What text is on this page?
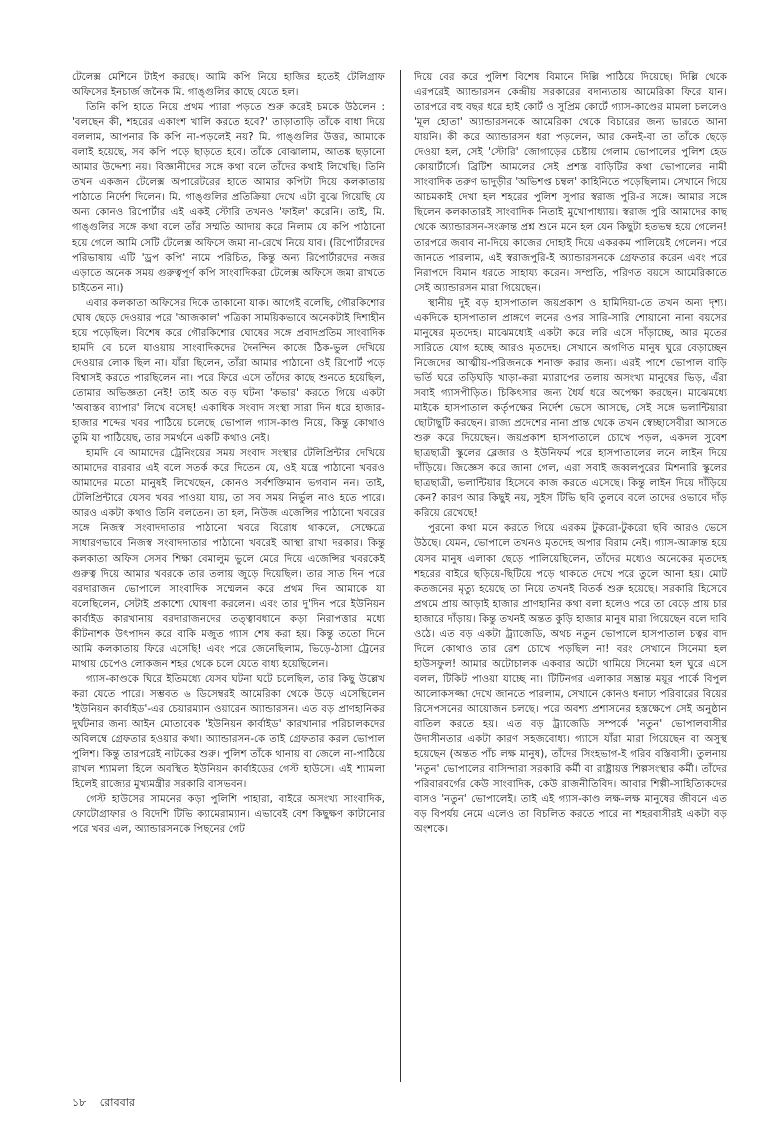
টেলেক্স মেশিনে টাইপ করছে। আমি কপি নিয়ে হাজির হতেই টেলিগ্রাফ অফিসের ইনচার্জ জনৈক মি. গাঙ্গুলির কাছে যেতে হল।

তিনি কপি হাতে নিয়ে প্রথম প্যারা পড়তে শুরু করেই চমকে উঠলেন : 'বলছেন কী, শহরের একাংশ খালি করতে হবে?' তাড়াতাড়ি তাঁকে বাধা দিয়ে বললাম, আপনার কি কপি না-পড়লেই নয়? মি. গাঙ্গুলির উত্তর, আমাকে বলাই হয়েছে, সব কপি পড়ে ছাড়তে হবে। তাঁকে বোঝালাম, আতঙ্ক ছড়ানো আমার উদ্দেশ্য নয়। বিজ্ঞানীদের সঙ্গে কথা বলে তাঁদের কথাই লিখেছি। তিনি তখন একজন টেলেক্স অপারেটরের হাতে আমার কপিটা দিয়ে কলকাতায় পাঠাতে নির্দেশ দিলেন। মি. গাঙ্গুলির প্রতিক্রিয়া দেখে এটা বুঝে গিয়েছি যে অন্য কোনও রিপোর্টার এই একই স্টোরি তখনও 'ফাইল' করেনি। তাই, মি. গাঙ্গুলির সঙ্গে কথা বলে তাঁর সম্মতি আদায় করে নিলাম যে কপি পাঠানো হয়ে গেলে আমি সেটি টেলেক্স অফিসে জমা না-রেখে নিয়ে যাব। (রিপোর্টারদের পরিভাষায় এটি 'ড্রপ কপি' নামে পরিচিত, কিন্তু অন্য রিপোর্টারদের নজর এড়াতে অনেক সময় গুরুত্বপূর্ণ কপি সাংবাদিকরা টেলেক্স অফিসে জমা রাখতে চাইতেন না।)

এবার কলকাতা অফিসের দিকে তাকানো যাক। আগেই বলেছি, গৌরকিশোর ঘোষ ছেড়ে দেওয়ার পরে 'আজকাল' পত্রিকা সাময়িকভাবে অনেকটাই দিশাহীন হয়ে পড়েছিল। বিশেষ করে গৌরকিশোর ঘোষের সঙ্গে প্রবাদপ্রতিম সাংবাদিক হামদি বে চলে যাওয়ায় সাংবাদিকদের দৈনন্দিন কাজে ঠিক-ভুল দেখিয়ে দেওয়ার লোক ছিল না। যাঁরা ছিলেন, তাঁরা আমার পাঠানো ওই রিপোর্ট পড়ে বিশ্বাসই করতে পারছিলেন না। পরে ফিরে এসে তাঁদের কাছে শুনতে হয়েছিল, তোমার অভিজ্ঞতা নেই! তাই অত বড় ঘটনা 'কভার' করতে গিয়ে একটা 'অবাস্তব ব্যাপার' লিখে বসেছ! একাধিক সংবাদ সংস্থা সারা দিন ধরে হাজার-হাজার শব্দের খবর পাঠিয়ে চলেছে ভোপাল গ্যাস-কাণ্ড নিয়ে, কিন্তু কোথাও তুমি যা পাঠিয়েছ, তার সমর্থনে একটি কথাও নেই।

হামদি বে আমাদের ট্রেনিংয়ের সময় সংবাদ সংস্থার টেলিপ্রিন্টার দেখিয়ে আমাদের বারবার এই বলে সতর্ক করে দিতেন যে, ওই যন্ত্রে পাঠানো খবরও আমাদের মতো মানুষই লিখেছেন, কোনও সর্বশক্তিমান ভগবান নন। তাই, টেলিপ্রিন্টারে যেসব খবর পাওয়া যায়, তা সব সময় নির্ভুল নাও হতে পারে। আরও একটা কথাও তিনি বলতেন। তা হল, নিউজ এজেন্সির পাঠানো খবরের সঙ্গে নিজস্ব সংবাদদাতার পাঠানো খবরে বিরোধ থাকলে, সেক্ষেত্রে সাধারণভাবে নিজস্ব সংবাদদাতার পাঠানো খবরেই আস্থা রাখা দরকার। কিন্তু কলকাতা অফিস সেসব শিক্ষা বেমালুম ভুলে মেরে দিয়ে এজেন্সির খবরকেই গুরুত্ব দিয়ে আমার খবরকে তার তলায় জুড়ে দিয়েছিল। তার সাত দিন পরে বরদারাজন ভোপালে সাংবাদিক সম্মেলন করে প্রথম দিন আমাকে যা বলেছিলেন, সেটাই প্রকাশ্যে ঘোষণা করলেন। এবং তার দু'দিন পরে ইউনিয়ন কার্বাইড কারখানায় বরদারাজনদের তত্ত্বাবধানে কড়া নিরাপত্তার মধ্যে কীটনাশক উৎপাদন করে বাকি মজুত গ্যাস শেষ করা হয়। কিন্তু ততো দিনে আমি কলকাতায় ফিরে এসেছি! এবং পরে জেনেছিলাম, ভিড়ে-ঠাসা ট্রেনের মাথায় চেপেও লোকজন শহর থেকে চলে যেতে বাধ্য হয়েছিলেন।

গ্যাস-কাণ্ডকে ঘিরে ইতিমধ্যে যেসব ঘটনা ঘটে চলেছিল, তার কিছু উল্লেখ করা যেতে পারে। সম্ভবত ৬ ডিসেম্বরই আমেরিকা থেকে উড়ে এসেছিলেন 'ইউনিয়ন কার্বাইড'-এর চেয়ারম্যান ওয়ারেন অ্যান্ডারসন। এত বড় প্রাণহানিকর দুর্ঘটনার জন্য আইন মোতাবেক 'ইউনিয়ন কার্বাইড' কারখানার পরিচালকদের অবিলম্বে গ্রেফতার হওয়ার কথা। অ্যান্ডারসন-কে তাই গ্রেফতার করল ভোপাল পুলিশ। কিন্তু তারপরেই নাটকের শুরু। পুলিশ তাঁকে থানায় বা জেলে না-পাঠিয়ে রাখল শ্যামলা হিলে অবস্থিত ইউনিয়ন কার্বাইডের গেস্ট হাউসে। এই শ্যামলা হিলেই রাজ্যের মুখ্যমন্ত্রীর সরকারি বাসভবন।

গেস্ট হাউসের সামনের কড়া পুলিশি পাহারা, বাইরে অসংখ্য সাংবাদিক, ফোটোগ্রাফার ও বিদেশি টিভি ক্যামেরাম্যান। এভাবেই বেশ কিছুক্ষণ কাটানোর পরে খবর এল, অ্যান্ডারসনকে পিছনের গেট

দিয়ে বের করে পুলিশ বিশেষ বিমানে দিল্লি পাঠিয়ে দিয়েছে। দিল্লি থেকে এরপরেই অ্যান্ডারসন কেন্দ্রীয় সরকারের বদান্যতায় আমেরিকা ফিরে যান। তারপরে বহু বছর ধরে হাই কোর্ট ও সুপ্রিম কোর্টে গ্যাস-কাণ্ডের মামলা চললেও 'মূল হোতা' অ্যান্ডারসনকে আমেরিকা থেকে বিচারের জন্য ভারতে আনা যায়নি। কী করে অ্যান্ডারসন ধরা পড়লেন, আর কেনই-বা তা তাঁকে ছেড়ে দেওয়া হল, সেই 'স্টোরি' জোগাড়ের চেষ্টায় গেলাম ভোপালের পুলিশ হেড কোয়ার্টার্সে। ব্রিটিশ আমলের সেই প্রশস্ত বাড়িটির কথা ভোপালের নামী সাংবাদিক তরুণ ভাদুড়ীর 'অভিশপ্ত চম্বল' কাহিনিতে পড়েছিলাম। সেখানে গিয়ে আচমকাই দেখা হল শহরের পুলিশ সুপার স্বরাজ পুরি-র সঙ্গে। আমার সঙ্গে ছিলেন কলকাতারই সাংবাদিক নিতাই মুখোপাধ্যায়। স্বরাজ পুরি আমাদের কাছ থেকে অ্যান্ডারসন-সংক্রান্ত প্রশ্ন শুনে মনে হল যেন কিছুটা হতভম্ব হয়ে গেলেন! তারপরে জবাব না-দিয়ে কাজের দোহাই দিয়ে একরকম পালিয়েই গেলেন। পরে জানতে পারলাম, এই স্বরাজপুরি-ই অ্যান্ডারসনকে গ্রেফতার করেন এবং পরে নিরাপদে বিমান ধরতে সাহায্য করেন। সম্প্রতি, পরিণত বয়সে আমেরিকাতে সেই অ্যান্ডারসন মারা গিয়েছেন।

স্থানীয় দুই বড় হাসপাতাল জয়প্রকাশ ও হামিদিয়া-তে তখন অন্য দৃশ্য। একদিকে হাসপাতাল প্রাঙ্গণে লনের ওপর সারি-সারি শোয়ানো নানা বয়সের মানুষের মৃতদেহ। মাঝেমধ্যেই একটা করে লরি এসে দাঁড়াচ্ছে, আর মৃতের সারিতে যোগ হচ্ছে আরও মৃতদেহ। সেখানে অগণিত মানুষ ঘুরে বেড়াচ্ছেন নিজেদের আত্মীয়-পরিজনকে শনাক্ত করার জন্য। এরই পাশে ভোপাল বাড়ি ভর্তি ঘরে তড়িঘড়ি খাড়া-করা ম্যারাপের তলায় অসংখ্য মানুষের ভিড়, এঁরা সবাই গ্যাসপীড়িত। চিকিৎসার জন্য ধৈর্য ধরে অপেক্ষা করছেন। মাঝেমধ্যে মাইকে হাসপাতাল কর্তৃপক্ষের নির্দেশ ভেসে আসছে, সেই সঙ্গে ভলান্টিয়ারা ছোটাছুটি করছেন। রাজ্য প্রদেশের নানা প্রান্ত থেকে তখন স্বেচ্ছাসেবীরা আসতে শুরু করে দিয়েছেন। জয়প্রকাশ হাসপাতালে চোখে পড়ল, একদল সুবেশ ছাত্রছাত্রী স্কুলের ব্লেজার ও ইউনিফর্ম পরে হাসপাতালের লনে লাইন দিয়ে দাঁড়িয়ে। জিজ্ঞেস করে জানা গেল, এরা সবাই জব্বলপুরের মিশনারি স্কুলের ছাত্রছাত্রী, ভলান্টিয়ার হিসেবে কাজ করতে এসেছে। কিন্তু লাইন দিয়ে দাঁড়িয়ে কেন? কারণ আর কিছুই নয়, সুইস টিভি ছবি তুলবে বলে তাদের ওভাবে দাঁড় করিয়ে রেখেছে!

পুরনো কথা মনে করতে গিয়ে এরকম টুকরো-টুকরো ছবি আরও ভেসে উঠছে। যেমন, ভোপালে তখনও মৃতদেহ অপার বিরাম নেই। গ্যাস-আক্রান্ত হয়ে যেসব মানুষ এলাকা ছেড়ে পালিয়েছিলেন, তাঁদের মধ্যেও অনেকের মৃতদেহ শহরের বাইরে ছড়িয়ে-ছিটিয়ে পড়ে থাকতে দেখে পরে তুলে আনা হয়। মোট কতজনের মৃত্যু হয়েছে তা নিয়ে তখনই বিতর্ক শুরু হয়েছে। সরকারি হিসেবে প্রথমে প্রায় আড়াই হাজার প্রাণহানির কথা বলা হলেও পরে তা বেড়ে প্রায় চার হাজারে দাঁড়ায়। কিন্তু তখনই অন্তত কুড়ি হাজার মানুষ মারা গিয়েছেন বলে দাবি ওঠে। এত বড় একটা ট্র্যাজেডি, অথচ নতুন ভোপালে হাসপাতাল চত্বর বাদ দিলে কোথাও তার রেশ চোখে পড়ছিল না! বরং সেখানে সিনেমা হল হাউসফুল! আমার অটোচালক একবার অটো থামিয়ে সিনেমা হল ঘুরে এসে বলল, টিকিট পাওয়া যাচ্ছে না। টিটিনগর এলাকার সম্ভ্রান্ত ময়ূর পার্কে বিপুল আলোকসজ্জা দেখে জানতে পারলাম, সেখানে কোনও ধনাঢ্য পরিবারের বিয়ের রিসেপসনের আয়োজন চলছে। পরে অবশ্য প্রশাসনের হস্তক্ষেপে সেই অনুষ্ঠান বাতিল করতে হয়। এত বড় ট্র্যাজেডি সম্পর্কে 'নতুন' ভোপালবাসীর উদাসীনতার একটা কারণ সহজবোধ্য। গ্যাসে যাঁরা মারা গিয়েছেন বা অসুস্থ হয়েছেন (অন্তত পাঁচ লক্ষ মানুষ), তাঁদের সিংহভাগ-ই গরিব বস্তিবাসী। তুলনায় 'নতুন' ভোপালের বাসিন্দারা সরকারি কর্মী বা রাষ্ট্রায়ত্ত শিল্পসংস্থার কর্মী। তাঁদের পরিবারবর্গের কেউ সাংবাদিক, কেউ রাজনীতিবিদ। আবার শিল্পী-সাহিত্যিকদের বাসও 'নতুন' ভোপালেই। তাই এই গ্যাস-কাণ্ড লক্ষ-লক্ষ মানুষের জীবনে এত বড় বিপর্যয় নেমে এলেও তা বিচলিত করতে পারে না শহরবাসীরই একটা বড় অংশকে।

১৮ রোববার
